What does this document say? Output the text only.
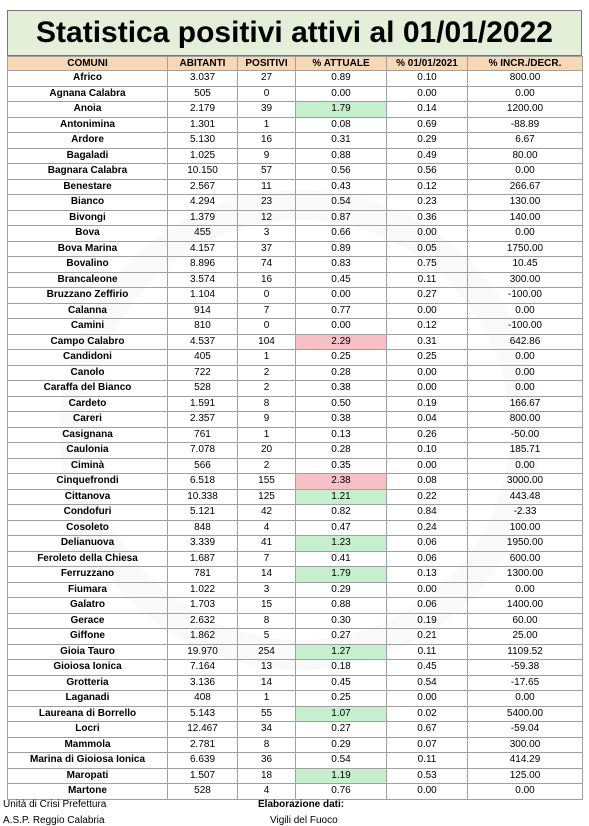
Statistica positivi attivi al 01/01/2022
COMUNI	ABITANTI	POSITIVI	% ATTUALE	% 01/01/2021	% INCR./DECR.
Africo	3.037	27	0.89	0.10	800.00
Agnana Calabra	505	0	0.00	0.00	0.00
Anoia	2.179	39	1.79	0.14	1200.00
Antonimina	1.301	1	0.08	0.69	-88.89
Ardore	5.130	16	0.31	0.29	6.67
Bagaladi	1.025	9	0.88	0.49	80.00
Bagnara Calabra	10.150	57	0.56	0.56	0.00
Benestare	2.567	11	0.43	0.12	266.67
Bianco	4.294	23	0.54	0.23	130.00
Bivongi	1.379	12	0.87	0.36	140.00
Bova	455	3	0.66	0.00	0.00
Bova Marina	4.157	37	0.89	0.05	1750.00
Bovalino	8.896	74	0.83	0.75	10.45
Brancaleone	3.574	16	0.45	0.11	300.00
Bruzzano Zeffirio	1.104	0	0.00	0.27	-100.00
Calanna	914	7	0.77	0.00	0.00
Camini	810	0	0.00	0.12	-100.00
Campo Calabro	4.537	104	2.29	0.31	642.86
Candidoni	405	1	0.25	0.25	0.00
Canolo	722	2	0.28	0.00	0.00
Caraffa del Bianco	528	2	0.38	0.00	0.00
Cardeto	1.591	8	0.50	0.19	166.67
Careri	2.357	9	0.38	0.04	800.00
Casignana	761	1	0.13	0.26	-50.00
Caulonia	7.078	20	0.28	0.10	185.71
Ciminà	566	2	0.35	0.00	0.00
Cinquefrondi	6.518	155	2.38	0.08	3000.00
Cittanova	10.338	125	1.21	0.22	443.48
Condofuri	5.121	42	0.82	0.84	-2.33
Cosoleto	848	4	0.47	0.24	100.00
Delianuova	3.339	41	1.23	0.06	1950.00
Feroleto della Chiesa	1.687	7	0.41	0.06	600.00
Ferruzzano	781	14	1.79	0.13	1300.00
Fiumara	1.022	3	0.29	0.00	0.00
Galatro	1.703	15	0.88	0.06	1400.00
Gerace	2.632	8	0.30	0.19	60.00
Giffone	1.862	5	0.27	0.21	25.00
Gioia Tauro	19.970	254	1.27	0.11	1109.52
Gioiosa Ionica	7.164	13	0.18	0.45	-59.38
Grotteria	3.136	14	0.45	0.54	-17.65
Laganadi	408	1	0.25	0.00	0.00
Laureana di Borrello	5.143	55	1.07	0.02	5400.00
Locri	12.467	34	0.27	0.67	-59.04
Mammola	2.781	8	0.29	0.07	300.00
Marina di Gioiosa Ionica	6.639	36	0.54	0.11	414.29
Maropati	1.507	18	1.19	0.53	125.00
Martone	528	4	0.76	0.00	0.00
Unità di Crisi Prefettura
A.S.P. Reggio Calabria
Elaborazione dati:
Vigili del Fuoco
